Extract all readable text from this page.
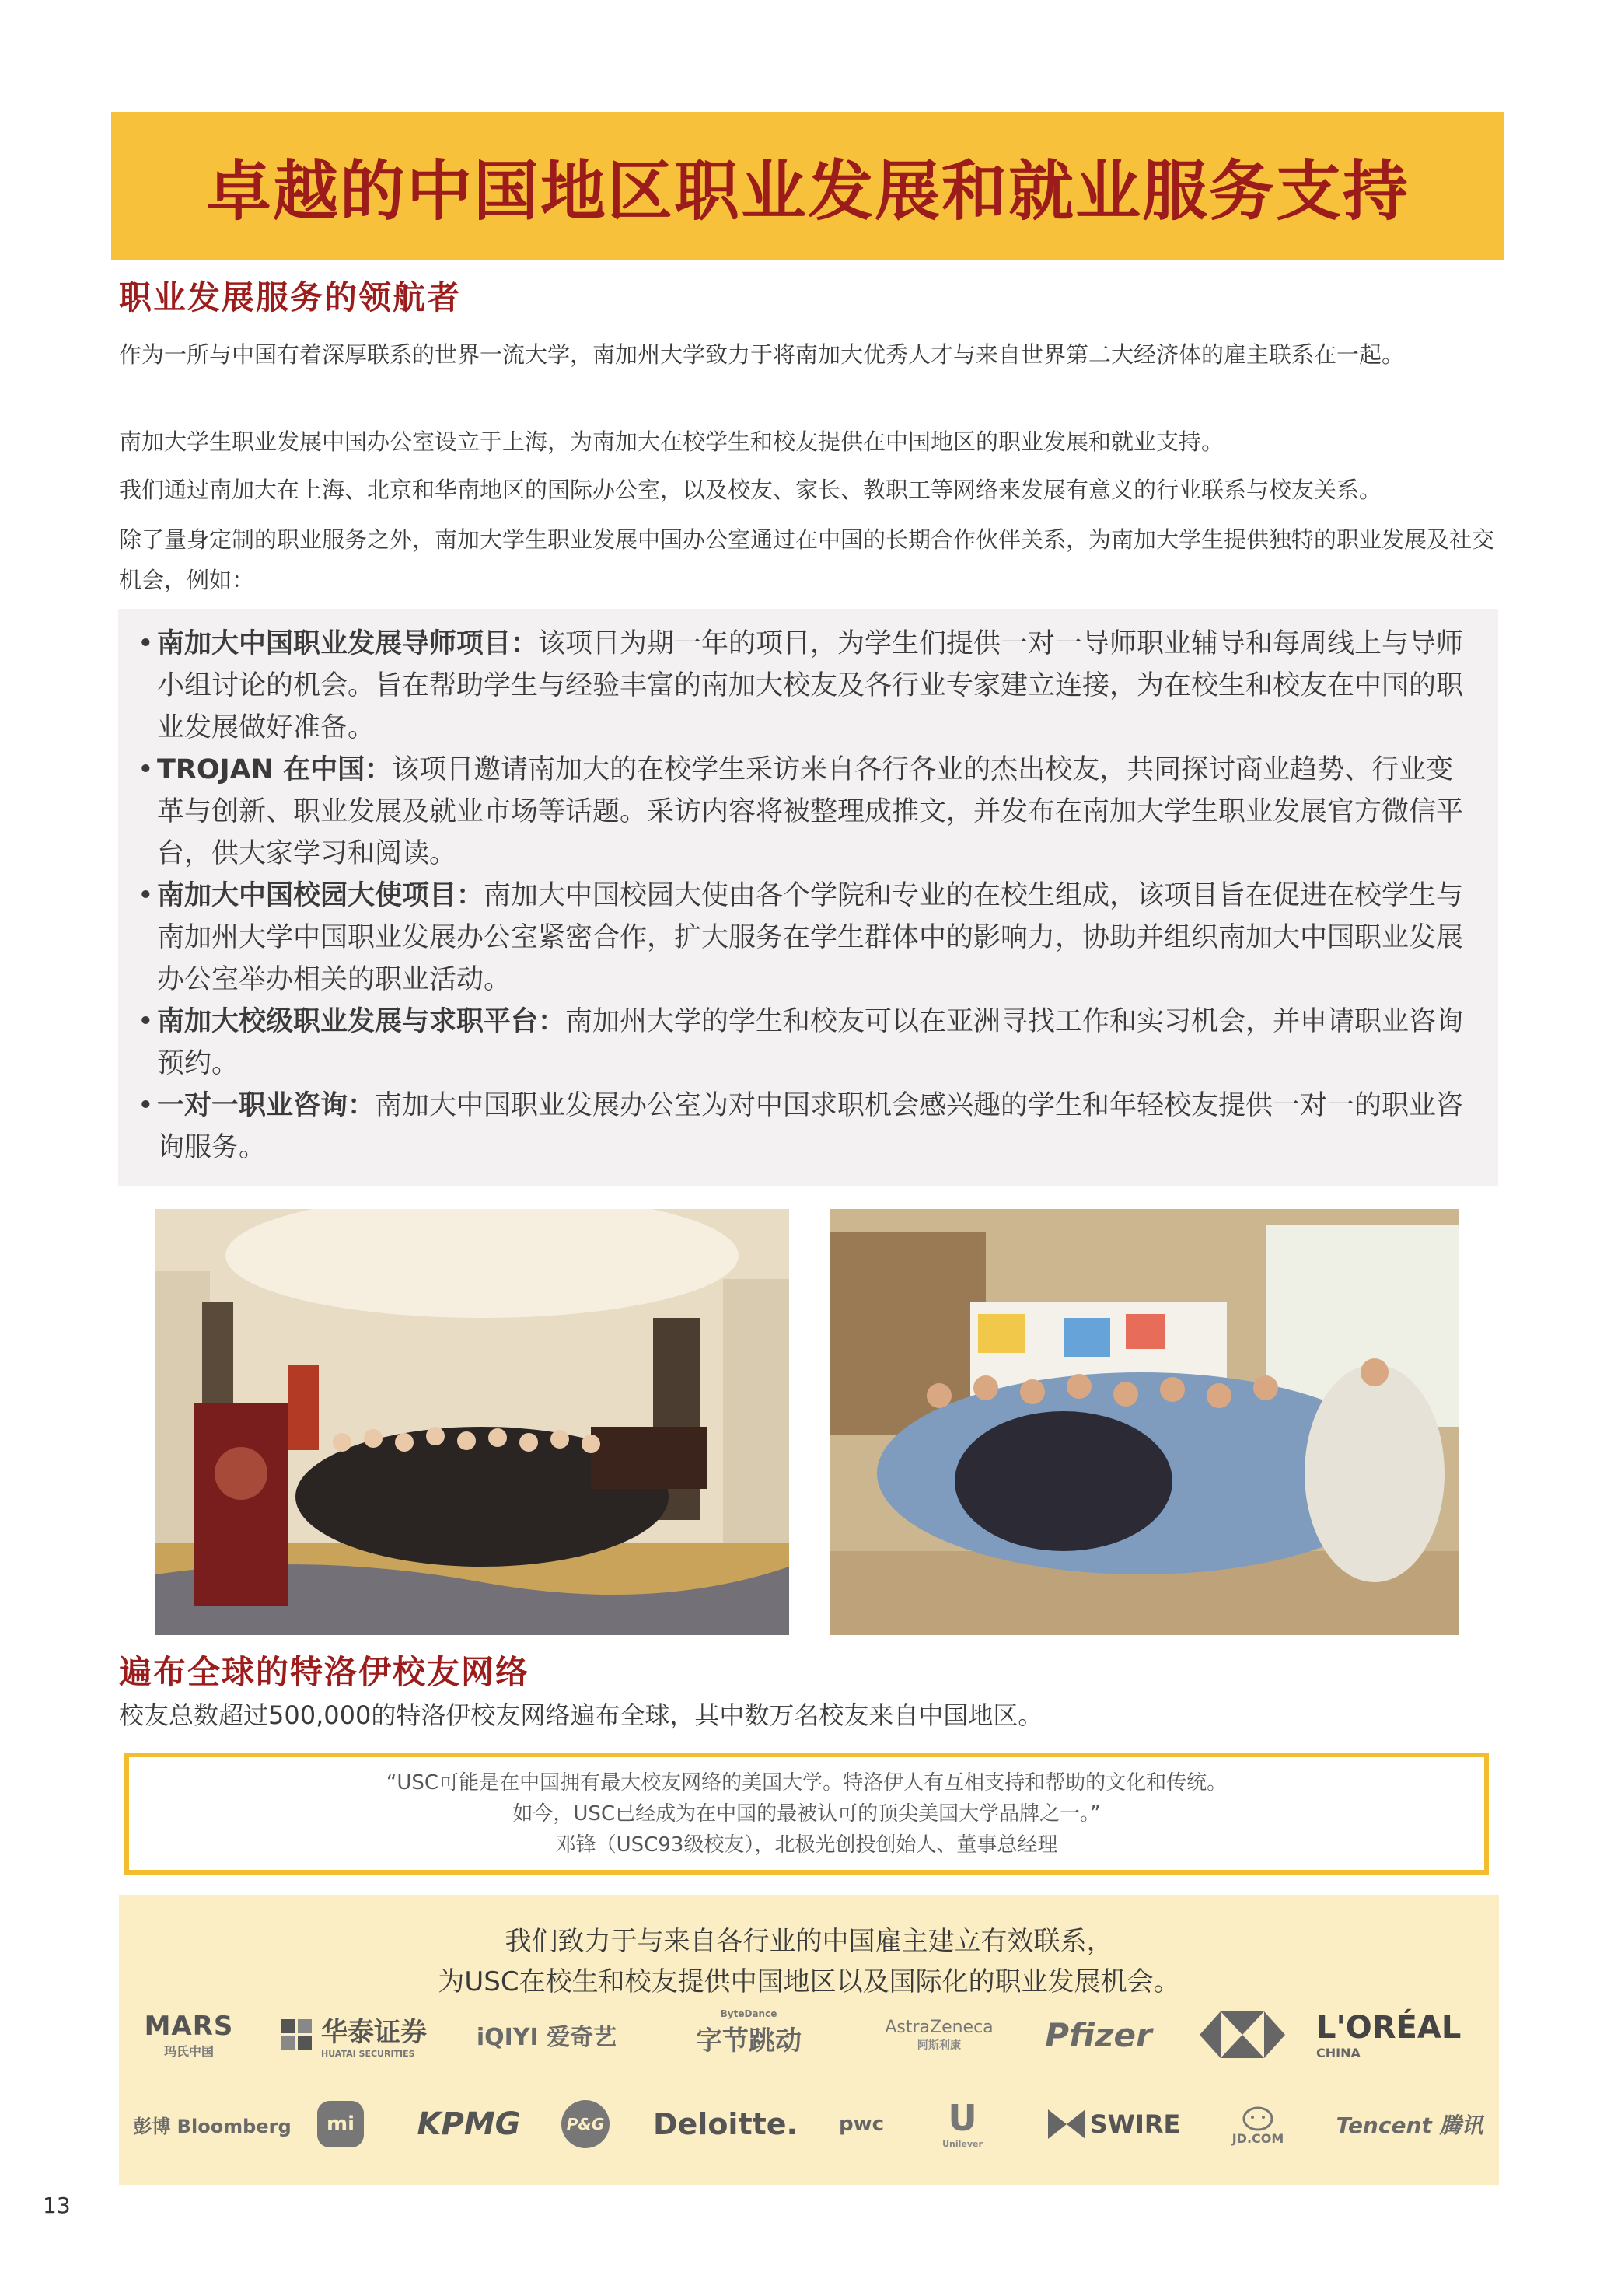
卓越的中国地区职业发展和就业服务支持
职业发展服务的领航者

作为一所与中国有着深厚联系的世界一流大学，南加州大学致力于将南加大优秀人才与来自世界第二大经济体的雇主联系在一起。

南加大学生职业发展中国办公室设立于上海，为南加大在校学生和校友提供在中国地区的职业发展和就业支持。

我们通过南加大在上海、北京和华南地区的国际办公室，以及校友、家长、教职工等网络来发展有意义的行业联系与校友关系。

除了量身定制的职业服务之外，南加大学生职业发展中国办公室通过在中国的长期合作伙伴关系，为南加大学生提供独特的职业发展及社交机会，例如：

• 南加大中国职业发展导师项目：该项目为期一年的项目，为学生们提供一对一导师职业辅导和每周线上与导师小组讨论的机会。旨在帮助学生与经验丰富的南加大校友及各行业专家建立连接，为在校生和校友在中国的职业发展做好准备。
• TROJAN 在中国：该项目邀请南加大的在校学生采访来自各行各业的杰出校友，共同探讨商业趋势、行业变革与创新、职业发展及就业市场等话题。采访内容将被整理成推文，并发布在南加大学生职业发展官方微信平台，供大家学习和阅读。
• 南加大中国校园大使项目：南加大中国校园大使由各个学院和专业的在校生组成，该项目旨在促进在校学生与南加州大学中国职业发展办公室紧密合作，扩大服务在学生群体中的影响力，协助并组织南加大中国职业发展办公室举办相关的职业活动。
• 南加大校级职业发展与求职平台：南加州大学的学生和校友可以在亚洲寻找工作和实习机会，并申请职业咨询预约。
• 一对一职业咨询：南加大中国职业发展办公室为对中国求职机会感兴趣的学生和年轻校友提供一对一的职业咨询服务。
遍布全球的特洛伊校友网络

校友总数超过500,000的特洛伊校友网络遍布全球，其中数万名校友来自中国地区。

“USC可能是在中国拥有最大校友网络的美国大学。特洛伊人有互相支持和帮助的文化和传统。
如今，USC已经成为在中国的最被认可的顶尖美国大学品牌之一。”
邓锋（USC93级校友），北极光创投创始人、董事总经理
我们致力于与来自各行业的中国雇主建立有效联系，
为USC在校生和校友提供中国地区以及国际化的职业发展机会。
MARS
玛氏中国
华泰证券
HUATAI SECURITIES
iQIYI 爱奇艺
ByteDance
字节跳动	AstraZeneca
阿斯利康	Pfizer	L'ORÉAL
CHINA
彭博 Bloomberg	mi	KPMG	P&G Deloitte.	pwc	U
Unilever
SWIRE	JD.COM Tencent 腾讯
13
